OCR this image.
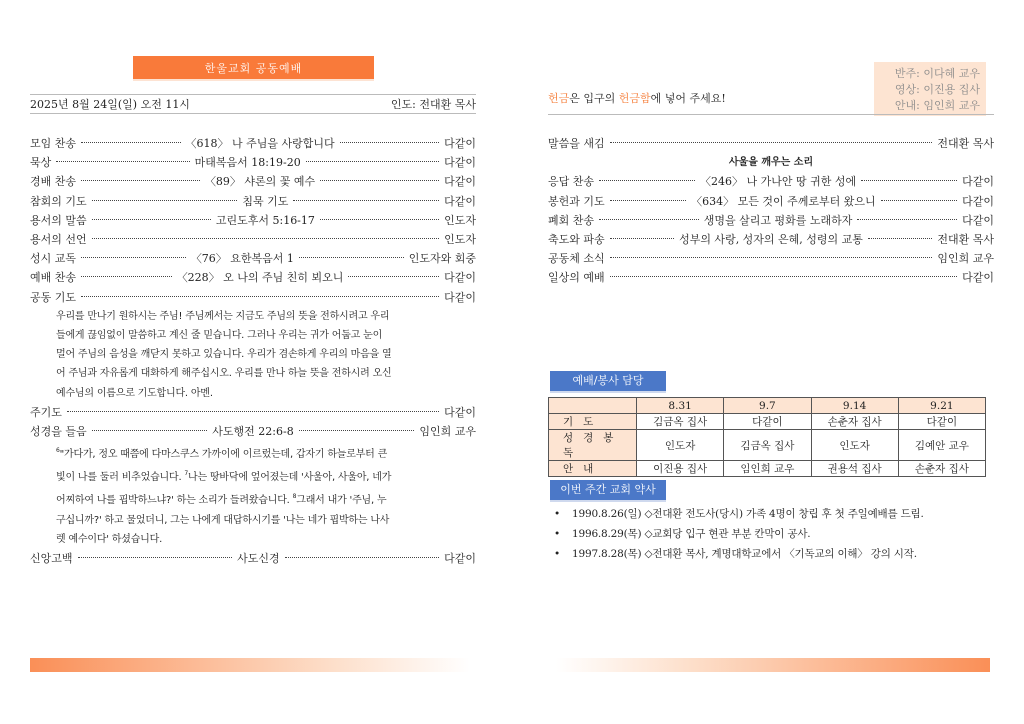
한울교회 공동예배
2025년 8월 24일(일) 오전 11시	인도: 전대환 목사
모임 찬송	〈618〉 나 주님을 사랑합니다	다같이
묵상	마태복음서 18:19-20	다같이
경배 찬송	〈89〉 샤론의 꽃 예수	다같이
참회의 기도	침묵 기도	다같이
용서의 말씀	고린도후서 5:16-17	인도자
용서의 선언	인도자
성시 교독	〈76〉 요한복음서 1	인도자와 회중
예배 찬송	〈228〉 오 나의 주님 친히 뵈오니	다같이
공동 기도	다같이
우리를 만나기 원하시는 주님! 주님께서는 지금도 주님의 뜻을 전하시려고 우리
들에게 끊임없이 말씀하고 계신 줄 믿습니다. 그러나 우리는 귀가 어둡고 눈이
멀어 주님의 음성을 깨닫지 못하고 있습니다. 우리가 겸손하게 우리의 마음을 열
어 주님과 자유롭게 대화하게 해주십시오. 우리를 만나 하늘 뜻을 전하시려 오신
예수님의 이름으로 기도합니다. 아멘.
주기도	다같이
성경을 들음	사도행전 22:6-8	임인희 교우
$^6$"가다가, 정오 때쯤에 다마스쿠스 가까이에 이르렀는데, 갑자기 하늘로부터 큰
빛이 나를 둘러 비추었습니다. $^7$나는 땅바닥에 엎어졌는데 '사울아, 사울아, 네가
어찌하여 나를 핍박하느냐?' 하는 소리가 들려왔습니다. $^8$그래서 내가 '주님, 누
구십니까?' 하고 물었더니, 그는 나에게 대답하시기를 '나는 네가 핍박하는 나사
렛 예수이다' 하셨습니다.
신앙고백	사도신경	다같이
헌금은 입구의 헌금함에 넣어 주세요!
반주: 이다혜 교우
영상: 이진용 집사
안내: 임인희 교우
말씀을 새김	전대환 목사
사울을 깨우는 소리
응답 찬송	〈246〉 나 가나안 땅 귀한 성에	다같이
봉헌과 기도	〈634〉 모든 것이 주께로부터 왔으니	다같이
폐회 찬송	생명을 살리고 평화를 노래하자	다같이
축도와 파송	성부의 사랑, 성자의 은혜, 성령의 교통	전대환 목사
공동체 소식	임인희 교우
일상의 예배	다같이
예배/봉사 담당
	8.31	9.7	9.14	9.21
기도	김금옥 집사	다같이	손춘자 집사	다같이
성경봉독	인도자	김금옥 집사	인도자	김예안 교우
안내	이진용 집사	임인희 교우	권용석 집사	손춘자 집사
이번 주간 교회 약사
• 1990.8.26(일) ◇전대환 전도사(당시) 가족 4명이 창립 후 첫 주일예배를 드림.
• 1996.8.29(목) ◇교회당 입구 현관 부분 칸막이 공사.
• 1997.8.28(목) ◇전대환 목사, 계명대학교에서 〈기독교의 이해〉 강의 시작.
